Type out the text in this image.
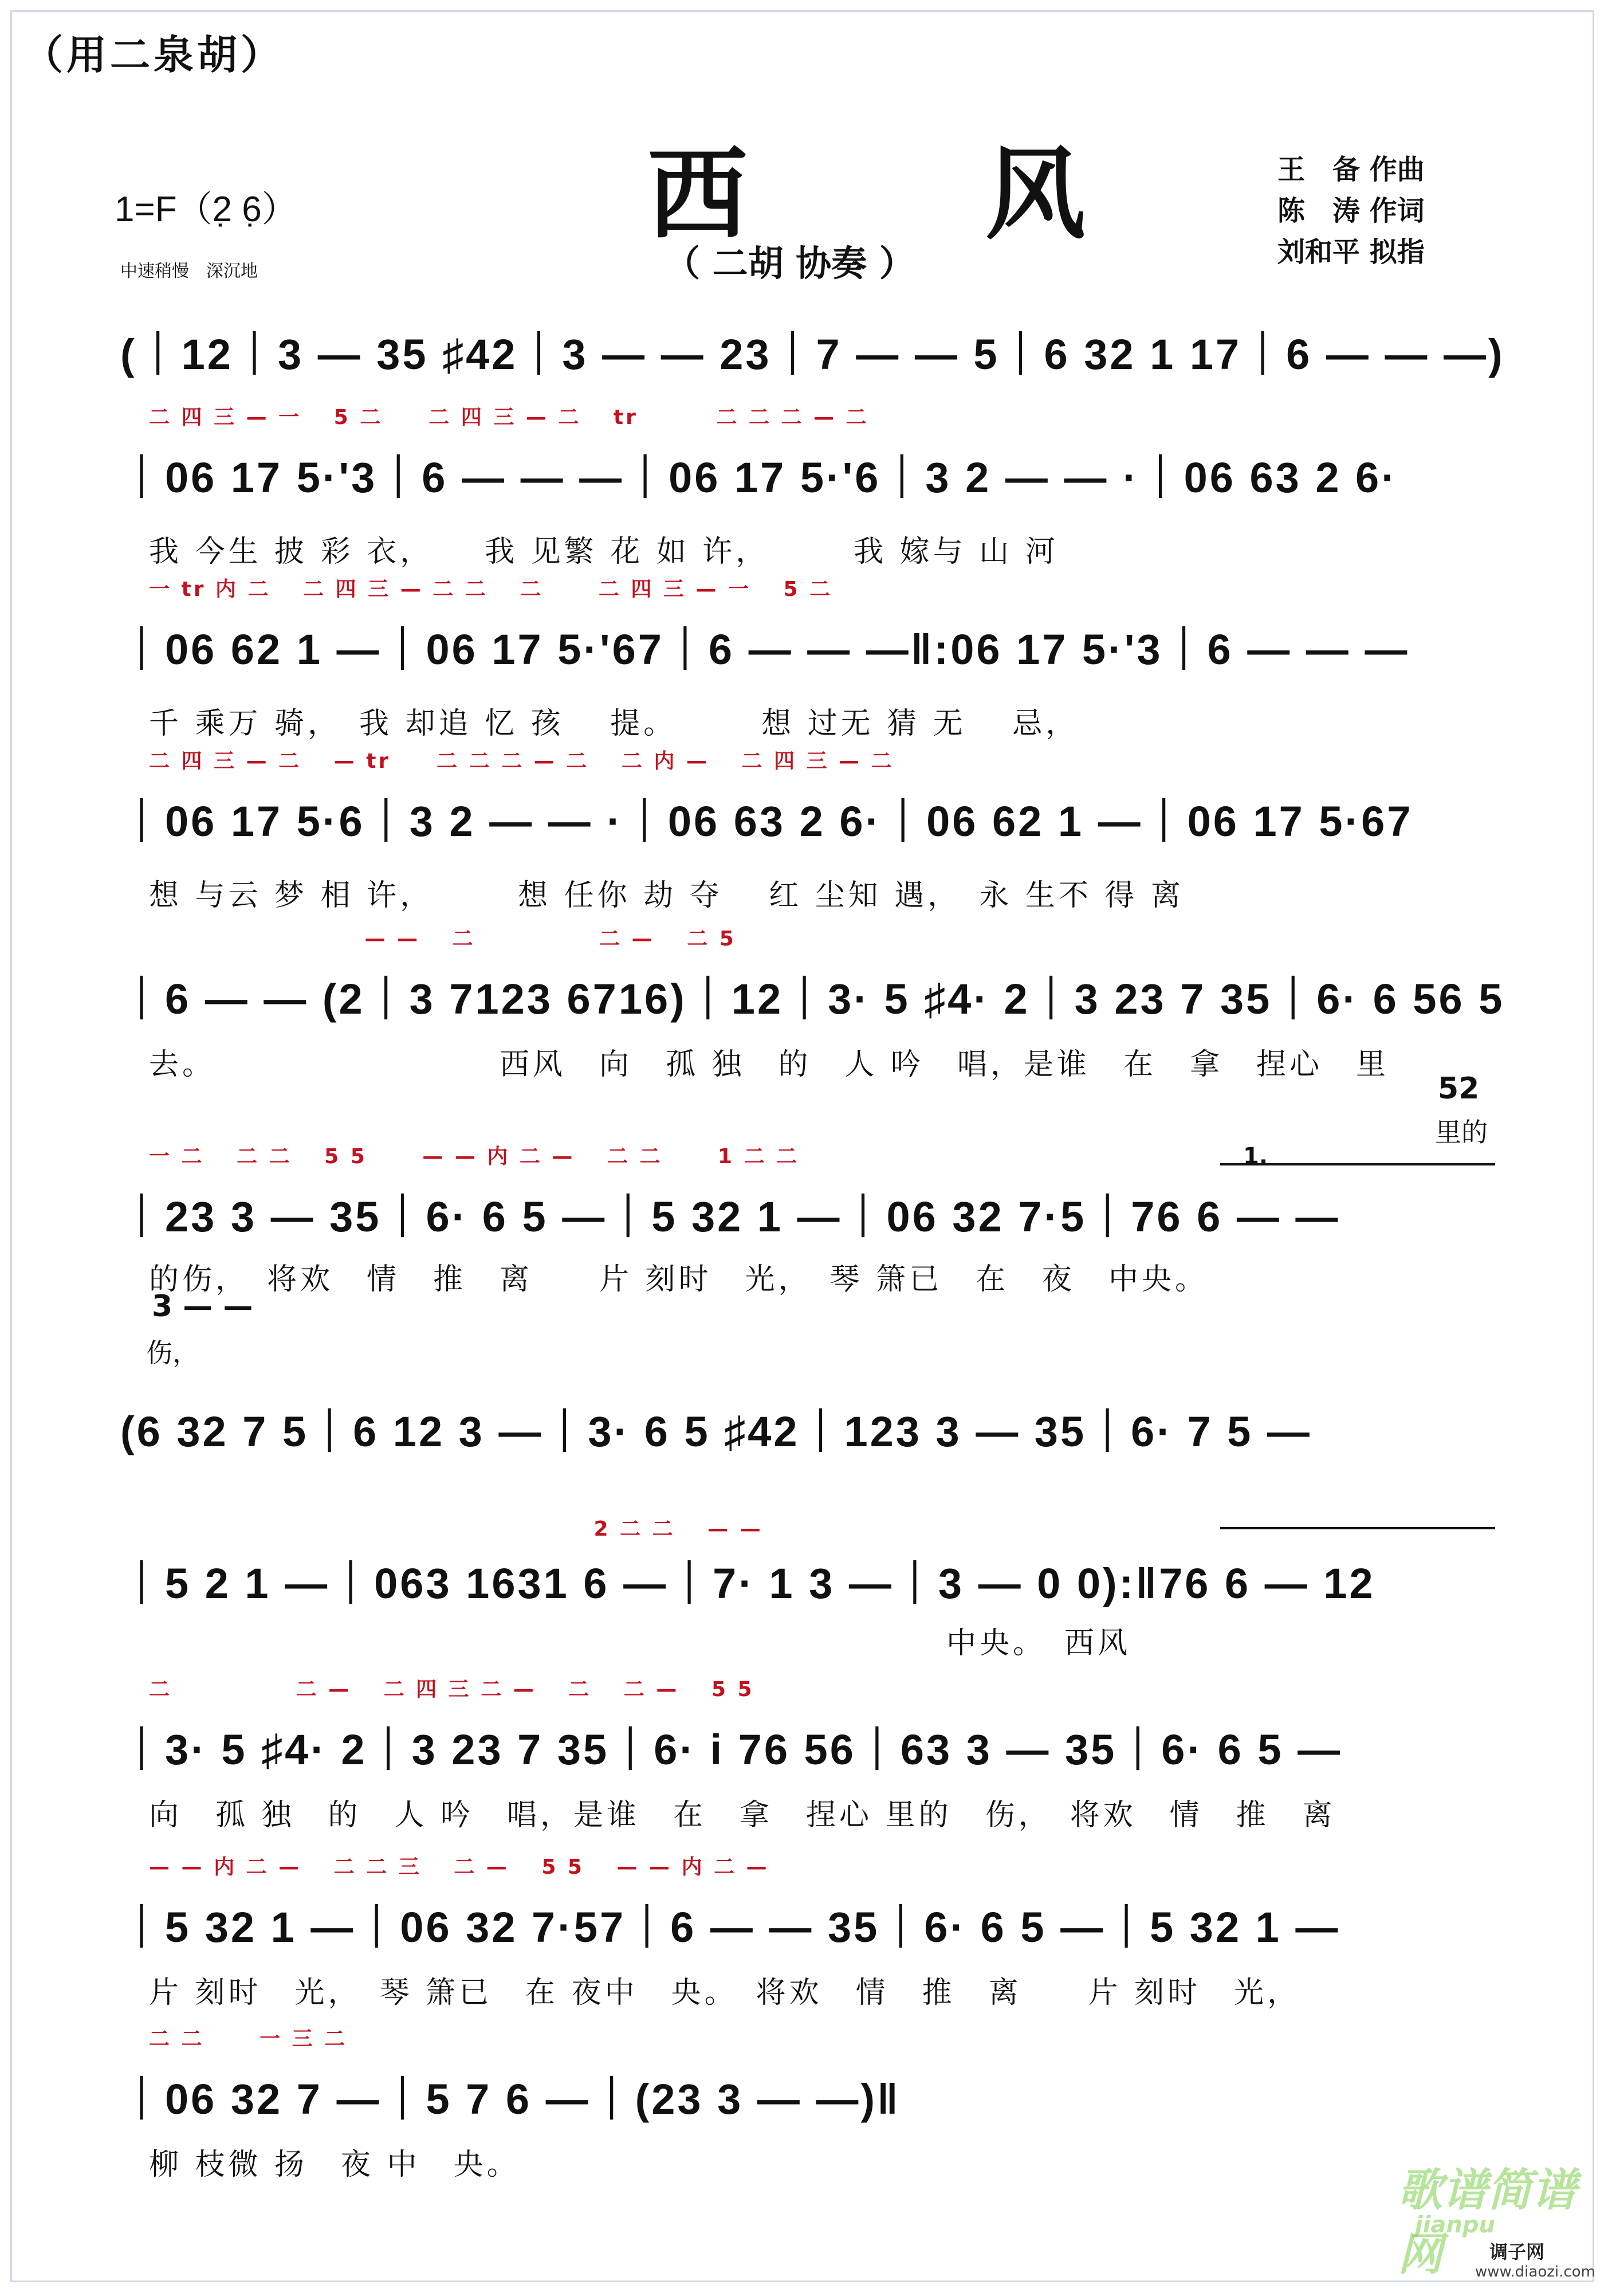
（用二泉胡）
西　风
（ 二胡 协奏 ）
1=F（2̣ 6̣）
中速稍慢　深沉地
王　备 作曲
陈　涛 作词
刘和平 拟指
(｜12｜3 — 35 ♯42｜3 — — 23｜7 — — 5｜6 32 1 17｜6 — — —)
二 四 三 — 一　 5 二　　二 四 三 — 二　 tr　　　 二 二 二 — 二
｜06 17 5·'3｜6 — — —｜06 17 5·'6｜3 2 — — ·｜06 63 2 6·
我 今生 披 彩 衣，　　我 见繁 花 如 许，　　　我 嫁与 山 河
一 tr 内 二　 二 四 三 — 二 二　 二　　 二 四 三 — 一　 5 二
｜06 62 1 —｜06 17 5·'67｜6 — — —‖:06 17 5·'3｜6 — — —
千 乘万 骑，　我 却追 忆 孩　 提。　　　想 过无 猜 无　 忌，
二 四 三 — 二　 — tr　　二 二 二 — 二　 二 内 —　 二 四 三 — 二
｜06 17 5·6｜3 2 — — ·｜06 63 2 6·｜06 62 1 —｜06 17 5·67
想 与云 梦 相 许，　　　想 任你 劫 夺　 红 尘知 遇，　永 生不 得 离
　　　　　　　　　 — —　 二　　　　　 二 —　 二 5
｜6 — — (2｜3 7123 6716)｜12｜3· 5 ♯4· 2｜3 23 7 35｜6· 6 56 5
去。　　　　　　　　　西风　向　孤 独　的　人 吟　唱，是谁　在　拿　捏心　里
52
里的
一 二　 二 二　 5 5　　 — — 内 二 —　 二 二　　 1 二 二
｜23 3 — 35｜6· 6 5 —｜5 32 1 —｜06 32 7·5｜76 6 — —
的伤，　将欢　情　推　离　　片 刻时　光，　琴 箫已　在　夜　中央。
1.
3 — —
伤，
(6 32 7 5｜6 12 3 —｜3· 6 5 ♯42｜123 3 — 35｜6· 7 5 —
　　　　　　　　　　　　　　　　　　　 2 二 二　 — —
｜5 2 1 —｜063 1631 6 —｜7· 1 3 —｜3 — 0 0):‖76 6 — 12
　　　　　　　　　　　　　　　　　　　　　　　　中央。　西风
二　　　　　 二 —　 二 四 三 二 —　 二　 二 —　 5 5
｜3· 5 ♯4· 2｜3 23 7 35｜6· i 76 56｜63 3 — 35｜6· 6 5 —
向　孤 独　的　人 吟　唱，是谁　在　拿　捏心 里的　伤，　将欢　情　推　离
— — 内 二 —　 二 二 三　 二 —　 5 5　 — — 内 二 —
｜5 32 1 —｜06 32 7·57｜6 — — 35｜6· 6 5 —｜5 32 1 —
片 刻时　光，　琴 箫已　在 夜中　央。　将欢　情　推　离　　片 刻时　光，
二 二　　 一 三 二
｜06 32 7 —｜5 7 6 —｜(23 3 — —)‖
柳 枝微 扬　夜 中　央。	歌谱简谱网
jianpu
调子网
www.diaozi.com
